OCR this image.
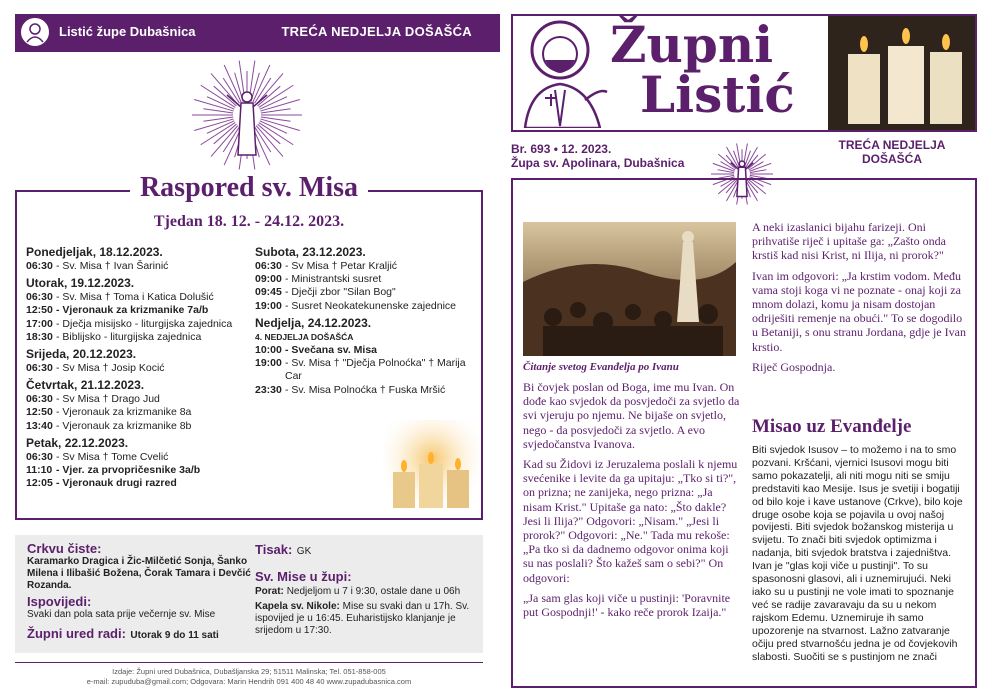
Listić župe Dubašnica	TREĆA NEDJELJA DOŠAŠĆA
Raspored sv. Misa
Tjedan 18. 12. - 24.12. 2023.
Ponedjeljak, 18.12.2023.
06:30 - Sv. Misa † Ivan Šarinić
Utorak, 19.12.2023.
06:30 - Sv. Misa † Toma i Katica Dolušić
12:50 - Vjeronauk za krizmanike 7a/b
17:00 - Dječja misijsko - liturgijska zajednica
18:30 - Biblijsko - liturgijska zajednica
Srijeda, 20.12.2023.
06:30 - Sv Misa † Josip Kocić
Četvrtak, 21.12.2023.
06:30 - Sv Misa † Drago Jud
12:50 - Vjeronauk za krizmanike 8a
13:40 - Vjeronauk za krizmanike 8b
Petak, 22.12.2023.
06:30 - Sv Misa † Tome Cvelić
11:10 - Vjer. za prvopričesnike 3a/b
12:05 - Vjeronauk drugi razred
Subota, 23.12.2023.
06:30 - Sv Misa † Petar Kraljić
09:00 - Ministrantski susret
09:45 - Dječji zbor "Silan Bog"
19:00 - Susret Neokatekunenske zajednice
Nedjelja, 24.12.2023.
4. NEDJELJA DOŠAŠĆA
10:00 - Svečana sv. Misa
19:00 - Sv. Misa † "Dječja Polnoćka" † Marija Car
23:30 - Sv. Misa Polnoćka † Fuska Mršić
Crkvu čiste:
Karamarko Dragica i Žic-Milčetić Sonja, Šanko Milena i Ilibašić Božena, Čorak Tamara i Devčić Rozanda.
Ispovijedi:
Svaki dan pola sata prije večernje sv. Mise
Župni ured radi: Utorak 9 do 11 sati
Tisak: GK
Sv. Mise u župi:
Porat: Nedjeljom u 7 i 9:30, ostale dane u 06h
Kapela sv. Nikole: Mise su svaki dan u 17h. Sv. ispovijed je u 16:45. Euharistijsko klanjanje je srijedom u 17:30.
Izdaje: Župni ured Dubašnica, Dubašljanska 29; 51511 Malinska; Tel. 051-858-005
e-mail: zupuduba@gmail.com; Odgovara: Marin Hendrih 091 400 48 40 www.zupadubasnica.com
Župni
Listić
Br. 693 • 12. 2023.
Župa sv. Apolinara, Dubašnica
TREĆA NEDJELJA
DOŠAŠĆA
Čitanje svetog Evanđelja po Ivanu

Bi čovjek poslan od Boga, ime mu Ivan. On dođe kao svjedok da posvjedoči za svjetlo da svi vjeruju po njemu. Ne bijaše on svjetlo, nego - da posvjedoči za svjetlo. A evo svjedočanstva Ivanova.

Kad su Židovi iz Jeruzalema poslali k njemu svećenike i levite da ga upitaju: „Tko si ti?", on prizna; ne zanijeka, nego prizna: „Ja nisam Krist." Upitaše ga nato: „Što dakle? Jesi li Ilija?" Odgovori: „Nisam." „Jesi li prorok?" Odgovori: „Ne." Tada mu rekoše: „Pa tko si da dadnemo odgovor onima koji su nas poslali? Što kažeš sam o sebi?" On odgovori:

„Ja sam glas koji viče u pustinji: 'Poravnite put Gospodnji!' - kako reče prorok Izaija."

A neki izaslanici bijahu farizeji. Oni prihvatiše riječ i upitaše ga: „Zašto onda krstiš kad nisi Krist, ni Ilija, ni prorok?"

Ivan im odgovori: „Ja krstim vodom. Među vama stoji koga vi ne poznate - onaj koji za mnom dolazi, komu ja nisam dostojan odriješiti remenje na obući." To se dogodilo u Betaniji, s onu stranu Jordana, gdje je Ivan krstio.

Riječ Gospodnja.

Misao uz Evanđelje
Biti svjedok Isusov – to možemo i na to smo pozvani. Kršćani, vjernici Isusovi mogu biti samo pokazatelji, ali niti mogu niti se smiju predstaviti kao Mesije. Isus je svetiji i bogatiji od bilo koje i kave ustanove (Crkve), bilo koje druge osobe koja se pojavila u ovoj našoj povijesti. Biti svjedok božanskog misterija u svijetu. To znači biti svjedok optimizma i nadanja, biti svjedok bratstva i zajedništva. Ivan je "glas koji viče u pustinji". To su spasonosni glasovi, ali i uznemirujući. Neki iako su u pustinji ne vole imati to spoznanje već se radije zavaravaju da su u nekom rajskom Edemu. Uznemiruje ih samo upozorenje na stvarnost. Lažno zatvaranje očiju pred stvarnošću jedna je od čovjekovih slabosti. Suočiti se s pustinjom ne znači
